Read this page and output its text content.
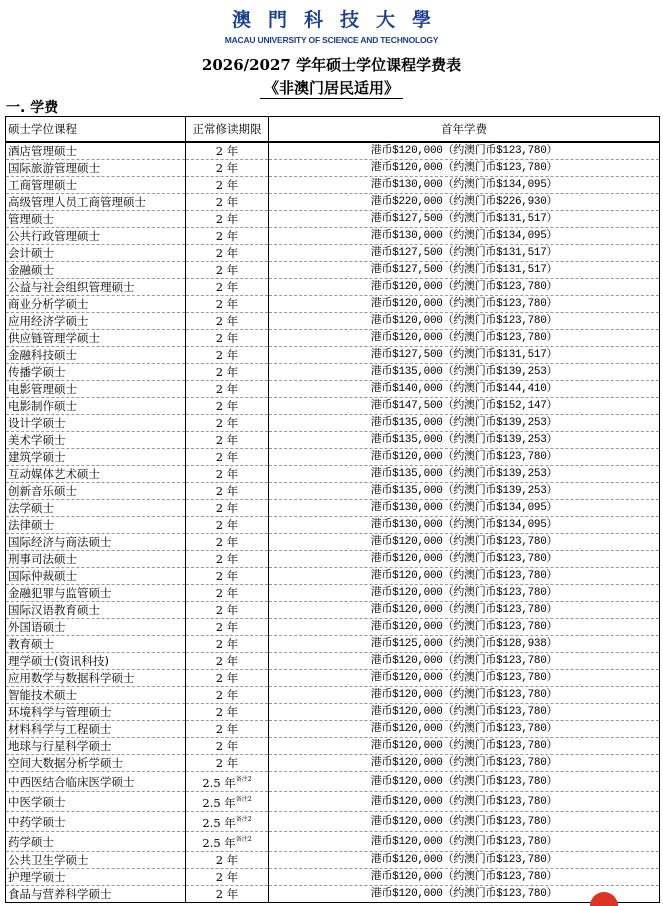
澳門科技大學
MACAU UNIVERSITY OF SCIENCE AND TECHNOLOGY
2026/2027 学年硕士学位课程学费表
《非澳门居民适用》
一. 学费
硕士学位课程	正常修读期限	首年学费
酒店管理硕士	2 年	港币$120,000（约澳门币$123,780）
国际旅游管理硕士	2 年	港币$120,000（约澳门币$123,780）
工商管理硕士	2 年	港币$130,000（约澳门币$134,095）
高级管理人员工商管理硕士	2 年	港币$220,000（约澳门币$226,930）
管理硕士	2 年	港币$127,500（约澳门币$131,517）
公共行政管理硕士	2 年	港币$130,000（约澳门币$134,095）
会计硕士	2 年	港币$127,500（约澳门币$131,517）
金融硕士	2 年	港币$127,500（约澳门币$131,517）
公益与社会组织管理硕士	2 年	港币$120,000（约澳门币$123,780）
商业分析学硕士	2 年	港币$120,000（约澳门币$123,780）
应用经济学硕士	2 年	港币$120,000（约澳门币$123,780）
供应链管理学硕士	2 年	港币$120,000（约澳门币$123,780）
金融科技硕士	2 年	港币$127,500（约澳门币$131,517）
传播学硕士	2 年	港币$135,000（约澳门币$139,253）
电影管理硕士	2 年	港币$140,000（约澳门币$144,410）
电影制作硕士	2 年	港币$147,500（约澳门币$152,147）
设计学硕士	2 年	港币$135,000（约澳门币$139,253）
美术学硕士	2 年	港币$135,000（约澳门币$139,253）
建筑学硕士	2 年	港币$120,000（约澳门币$123,780）
互动媒体艺术硕士	2 年	港币$135,000（约澳门币$139,253）
创新音乐硕士	2 年	港币$135,000（约澳门币$139,253）
法学硕士	2 年	港币$130,000（约澳门币$134,095）
法律硕士	2 年	港币$130,000（约澳门币$134,095）
国际经济与商法硕士	2 年	港币$120,000（约澳门币$123,780）
刑事司法硕士	2 年	港币$120,000（约澳门币$123,780）
国际仲裁硕士	2 年	港币$120,000（约澳门币$123,780）
金融犯罪与监管硕士	2 年	港币$120,000（约澳门币$123,780）
国际汉语教育硕士	2 年	港币$120,000（约澳门币$123,780）
外国语硕士	2 年	港币$120,000（约澳门币$123,780）
教育硕士	2 年	港币$125,000（约澳门币$128,938）
理学硕士(资讯科技)	2 年	港币$120,000（约澳门币$123,780）
应用数学与数据科学硕士	2 年	港币$120,000（约澳门币$123,780）
智能技术硕士	2 年	港币$120,000（约澳门币$123,780）
环境科学与管理硕士	2 年	港币$120,000（约澳门币$123,780）
材料科学与工程硕士	2 年	港币$120,000（约澳门币$123,780）
地球与行星科学硕士	2 年	港币$120,000（约澳门币$123,780）
空间大数据分析学硕士	2 年	港币$120,000（约澳门币$123,780）
中西医结合临床医学硕士	2.5 年$^{备注2}$	港币$120,000（约澳门币$123,780）
中医学硕士	2.5 年$^{备注2}$	港币$120,000（约澳门币$123,780）
中药学硕士	2.5 年$^{备注2}$	港币$120,000（约澳门币$123,780）
药学硕士	2.5 年$^{备注2}$	港币$120,000（约澳门币$123,780）
公共卫生学硕士	2 年	港币$120,000（约澳门币$123,780）
护理学硕士	2 年	港币$120,000（约澳门币$123,780）
食品与营养科学硕士	2 年	港币$120,000（约澳门币$123,780）
